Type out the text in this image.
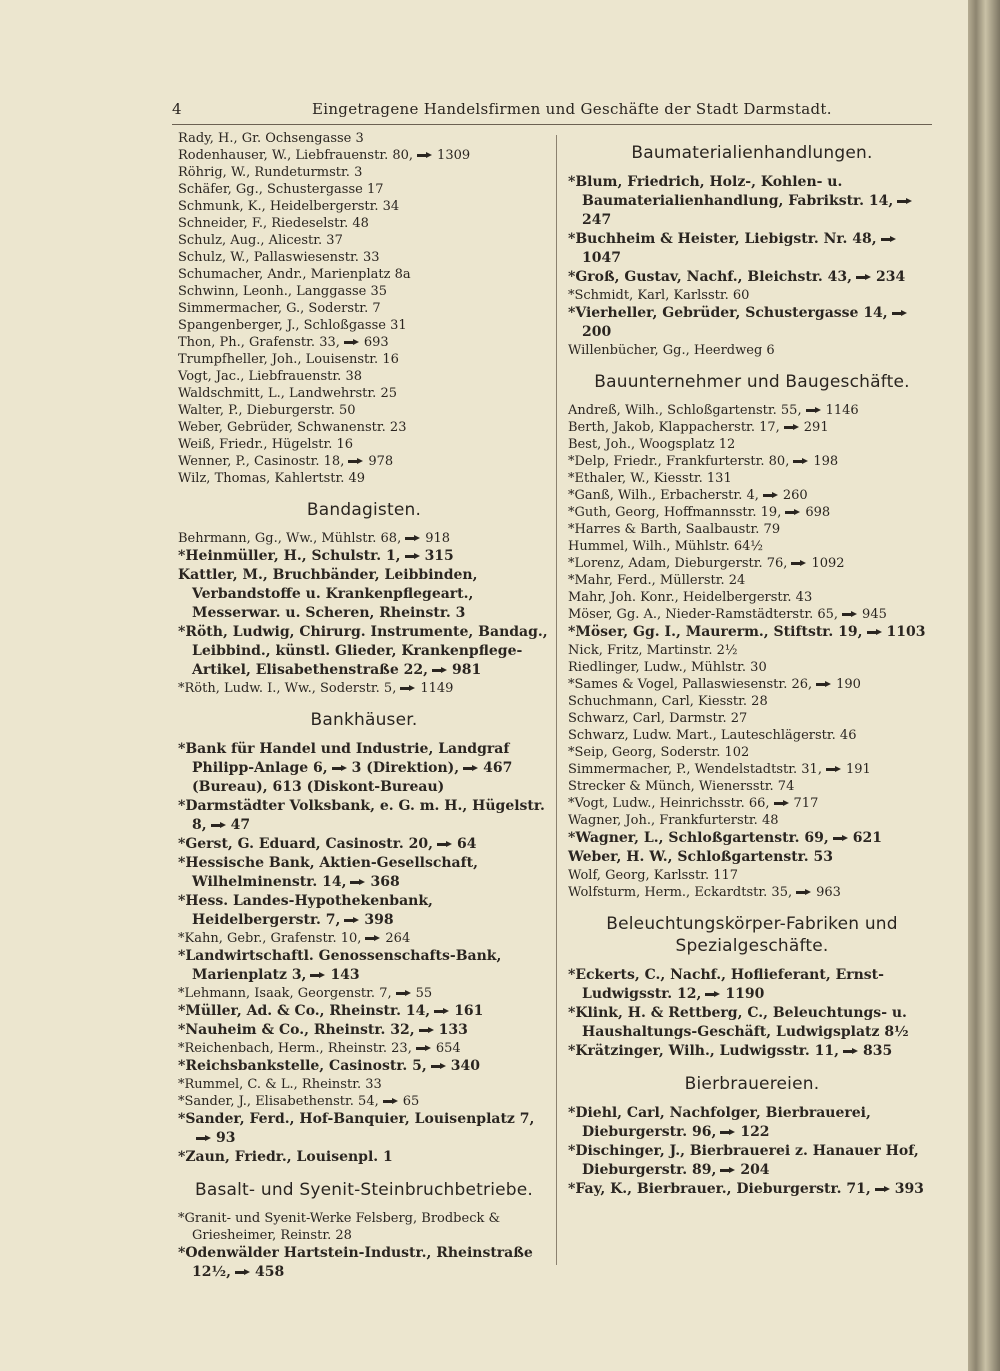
4	Eingetragene Handelsfirmen und Geschäfte der Stadt Darmstadt.

Rady, H., Gr. Ochsengasse 3

Rodenhauser, W., Liebfrauenstr. 80, 1309

Röhrig, W., Rundeturmstr. 3

Schäfer, Gg., Schustergasse 17

Schmunk, K., Heidelbergerstr. 34

Schneider, F., Riedeselstr. 48

Schulz, Aug., Alicestr. 37

Schulz, W., Pallaswiesenstr. 33

Schumacher, Andr., Marienplatz 8a

Schwinn, Leonh., Langgasse 35

Simmermacher, G., Soderstr. 7

Spangenberger, J., Schloßgasse 31

Thon, Ph., Grafenstr. 33, 693

Trumpfheller, Joh., Louisenstr. 16

Vogt, Jac., Liebfrauenstr. 38

Waldschmitt, L., Landwehrstr. 25

Walter, P., Dieburgerstr. 50

Weber, Gebrüder, Schwanenstr. 23

Weiß, Friedr., Hügelstr. 16

Wenner, P., Casinostr. 18, 978

Wilz, Thomas, Kahlertstr. 49

Bandagisten.

Behrmann, Gg., Ww., Mühlstr. 68, 918

*Heinmüller, H., Schulstr. 1, 315

Kattler, M., Bruchbänder, Leibbinden, Verbandstoffe u. Krankenpflegeart., Messerwar. u. Scheren, Rheinstr. 3

*Röth, Ludwig, Chirurg. Instrumente, Bandag., Leibbind., künstl. Glieder, Krankenpflege-Artikel, Elisabethenstraße 22, 981

*Röth, Ludw. I., Ww., Soderstr. 5, 1149

Bankhäuser.

*Bank für Handel und Industrie, Landgraf Philipp-Anlage 6, 3 (Direktion), 467 (Bureau), 613 (Diskont-Bureau)

*Darmstädter Volksbank, e. G. m. H., Hügelstr. 8, 47

*Gerst, G. Eduard, Casinostr. 20, 64

*Hessische Bank, Aktien-Gesellschaft, Wilhelminenstr. 14, 368

*Hess. Landes-Hypothekenbank, Heidelbergerstr. 7, 398

*Kahn, Gebr., Grafenstr. 10, 264

*Landwirtschaftl. Genossenschafts-Bank, Marienplatz 3, 143

*Lehmann, Isaak, Georgenstr. 7, 55

*Müller, Ad. & Co., Rheinstr. 14, 161

*Nauheim & Co., Rheinstr. 32, 133

*Reichenbach, Herm., Rheinstr. 23, 654

*Reichsbankstelle, Casinostr. 5, 340

*Rummel, C. & L., Rheinstr. 33

*Sander, J., Elisabethenstr. 54, 65

*Sander, Ferd., Hof-Banquier, Louisenplatz 7,93

*Zaun, Friedr., Louisenpl. 1

Basalt- und Syenit-Steinbruchbetriebe.

*Granit- und Syenit-Werke Felsberg, Brodbeck & Griesheimer, Reinstr. 28

*Odenwälder Hartstein-Industr., Rheinstraße 12½, 458

Baumaterialienhandlungen.

*Blum, Friedrich, Holz-, Kohlen- u. Baumaterialienhandlung, Fabrikstr. 14,247

*Buchheim & Heister, Liebigstr. Nr. 48,1047

*Groß, Gustav, Nachf., Bleichstr. 43, 234

*Schmidt, Karl, Karlsstr. 60

*Vierheller, Gebrüder, Schustergasse 14,200

Willenbücher, Gg., Heerdweg 6

Bauunternehmer und Baugeschäfte.

Andreß, Wilh., Schloßgartenstr. 55, 1146

Berth, Jakob, Klappacherstr. 17, 291

Best, Joh., Woogsplatz 12

*Delp, Friedr., Frankfurterstr. 80, 198

*Ethaler, W., Kiesstr. 131

*Ganß, Wilh., Erbacherstr. 4, 260

*Guth, Georg, Hoffmannsstr. 19, 698

*Harres & Barth, Saalbaustr. 79

Hummel, Wilh., Mühlstr. 64½

*Lorenz, Adam, Dieburgerstr. 76, 1092

*Mahr, Ferd., Müllerstr. 24

Mahr, Joh. Konr., Heidelbergerstr. 43

Möser, Gg. A., Nieder-Ramstädterstr. 65, 945

*Möser, Gg. I., Maurerm., Stiftstr. 19, 1103

Nick, Fritz, Martinstr. 2½

Riedlinger, Ludw., Mühlstr. 30

*Sames & Vogel, Pallaswiesenstr. 26, 190

Schuchmann, Carl, Kiesstr. 28

Schwarz, Carl, Darmstr. 27

Schwarz, Ludw. Mart., Lauteschlägerstr. 46

*Seip, Georg, Soderstr. 102

Simmermacher, P., Wendelstadtstr. 31, 191

Strecker & Münch, Wienersstr. 74

*Vogt, Ludw., Heinrichsstr. 66, 717

Wagner, Joh., Frankfurterstr. 48

*Wagner, L., Schloßgartenstr. 69, 621

Weber, H. W., Schloßgartenstr. 53

Wolf, Georg, Karlsstr. 117

Wolfsturm, Herm., Eckardtstr. 35, 963

Beleuchtungskörper-Fabriken und Spezialgeschäfte.

*Eckerts, C., Nachf., Hoflieferant, Ernst-Ludwigsstr. 12, 1190

*Klink, H. & Rettberg, C., Beleuchtungs- u. Haushaltungs-Geschäft, Ludwigsplatz 8½

*Krätzinger, Wilh., Ludwigsstr. 11, 835

Bierbrauereien.

*Diehl, Carl, Nachfolger, Bierbrauerei, Dieburgerstr. 96, 122

*Dischinger, J., Bierbrauerei z. Hanauer Hof, Dieburgerstr. 89, 204

*Fay, K., Bierbrauer., Dieburgerstr. 71, 393
